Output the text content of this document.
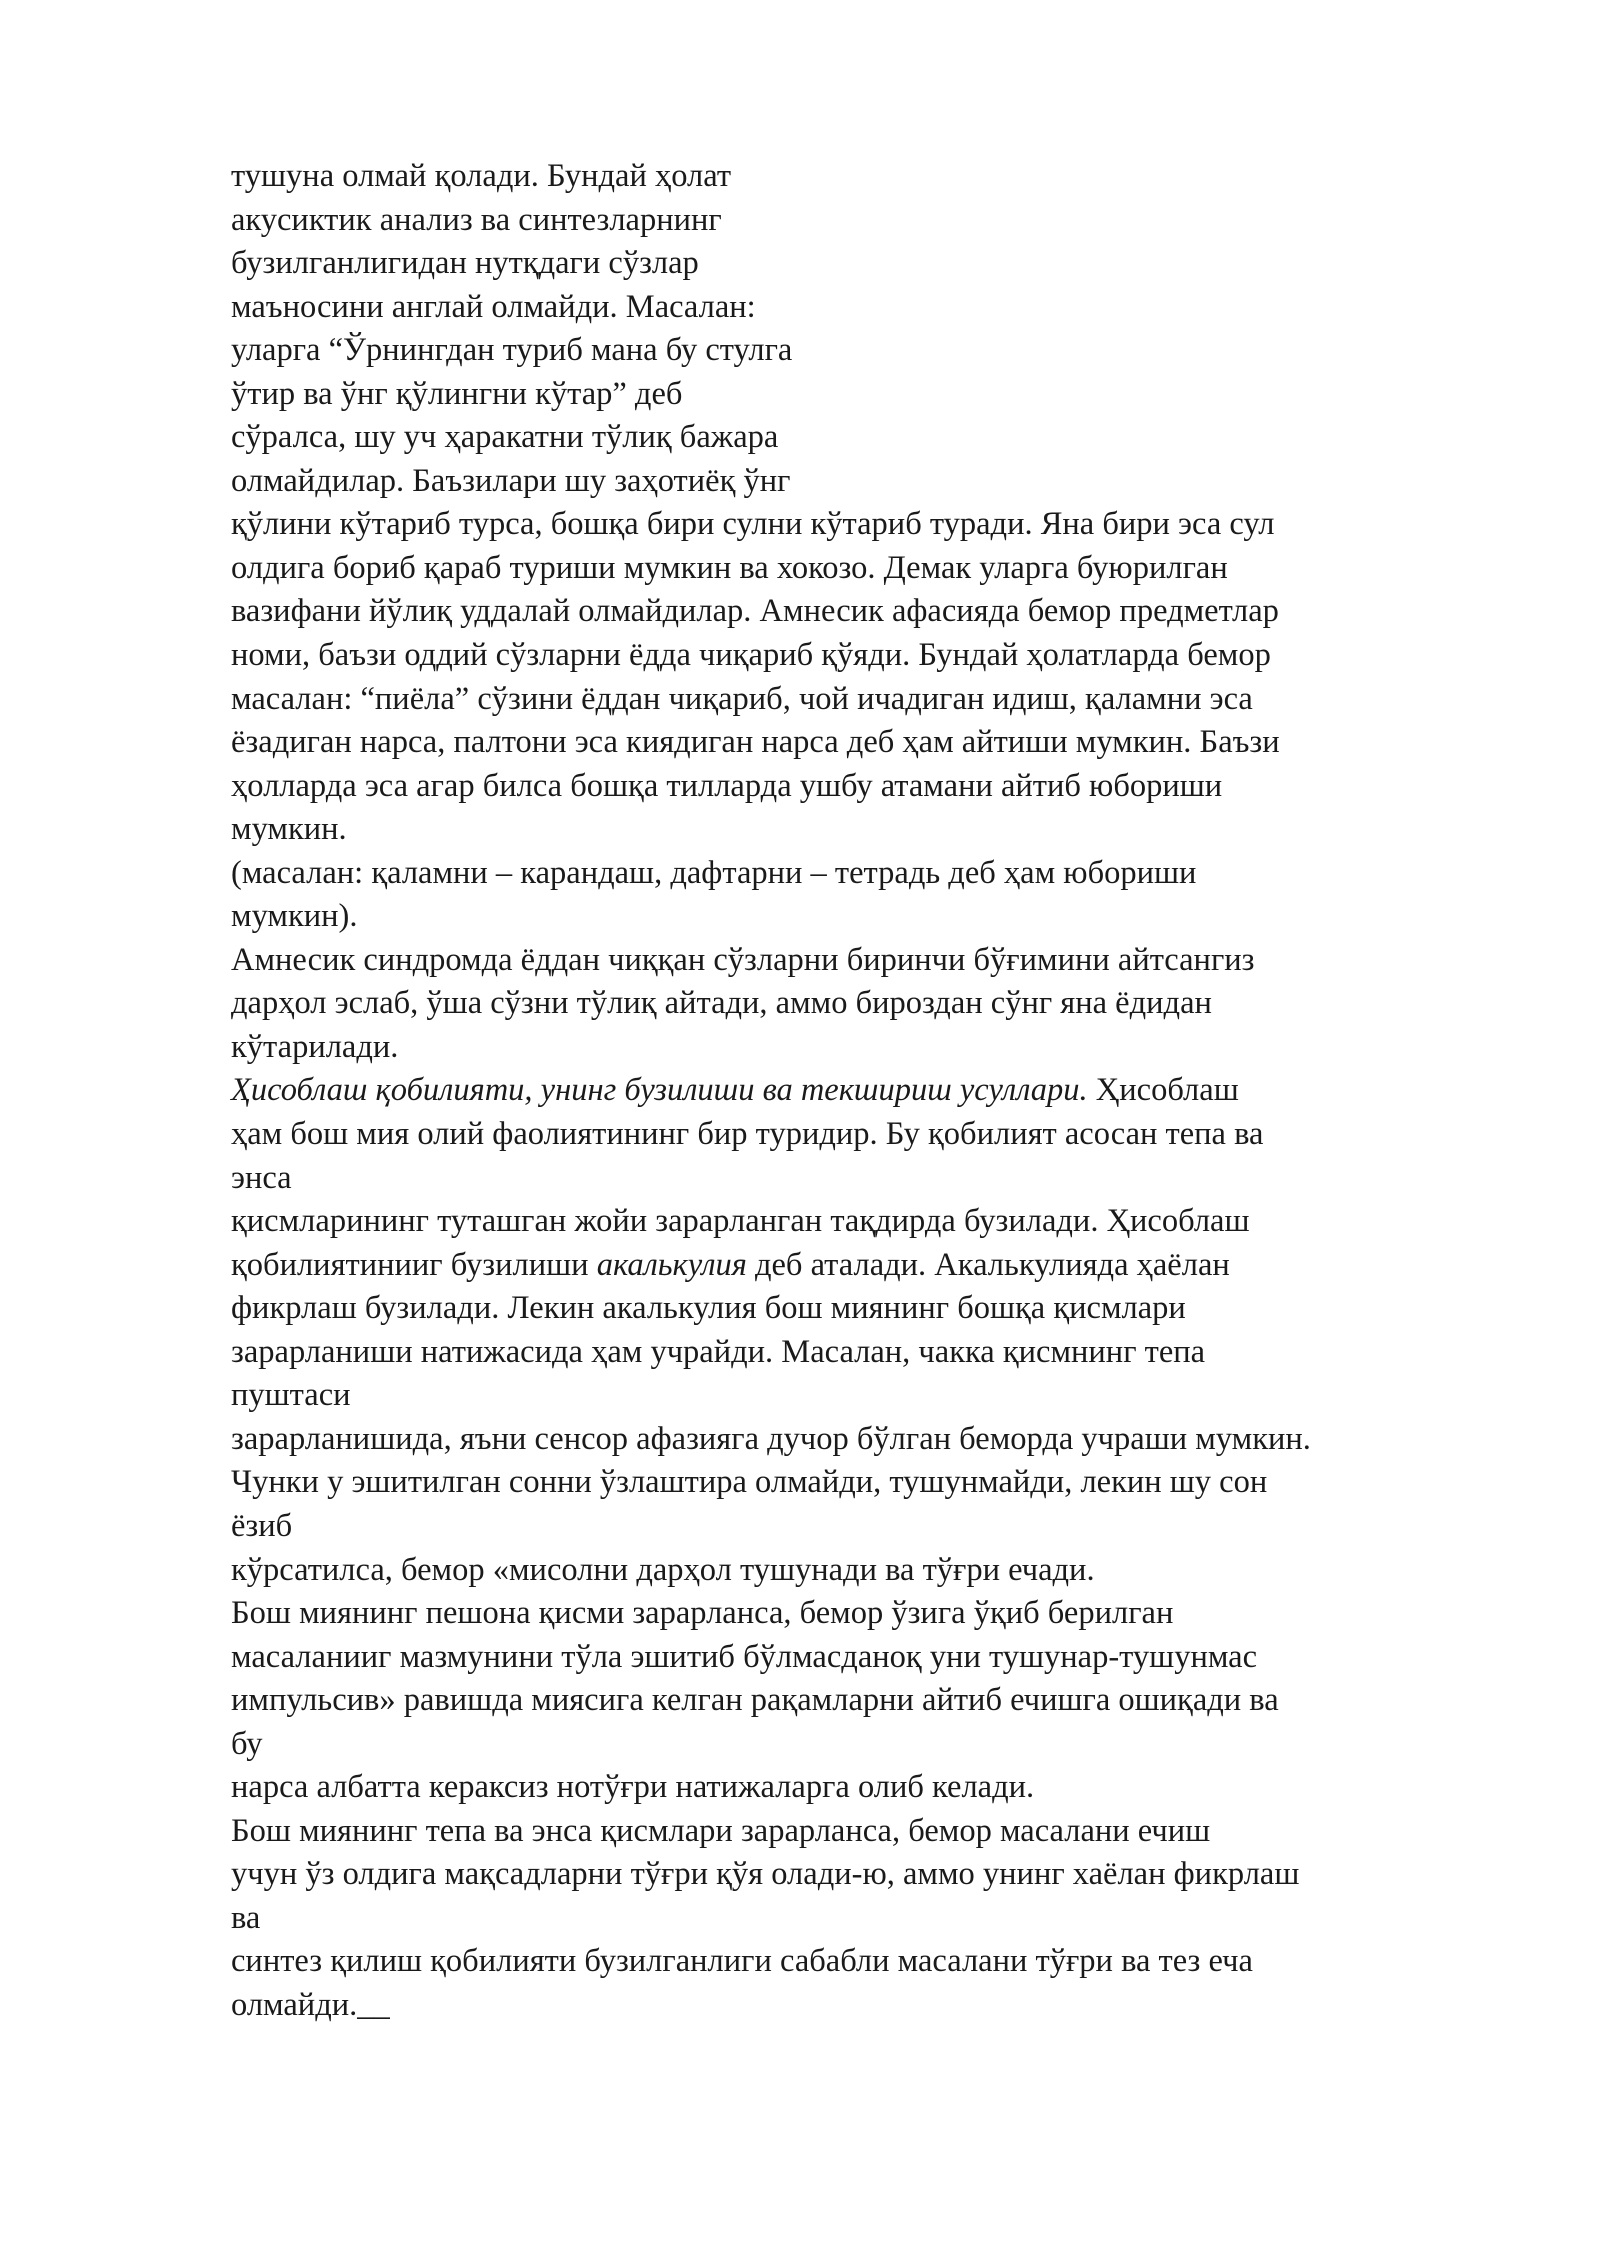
тушуна олмай қолади. Бундай ҳолат
акусиктик анализ ва синтезларнинг
бузилганлигидан нутқдаги сўзлар
маъносини англай олмайди. Масалан:
уларга “Ўрнингдан туриб мана бу стулга
ўтир ва ўнг қўлингни кўтар” деб
сўралса, шу уч ҳаракатни тўлиқ бажара
олмайдилар. Баъзилари шу заҳотиёқ ўнг
қўлини кўтариб турса, бошқа бири сулни кўтариб туради. Яна бири эса сул
олдига бориб қараб туриши мумкин ва хокозо. Демак уларга буюрилган
вазифани йўлиқ уддалай олмайдилар. Амнесик афасияда бемор предметлар
номи, баъзи оддий сўзларни ёдда чиқариб қўяди. Бундай ҳолатларда бемор
масалан: “пиёла” сўзини ёддан чиқариб, чой ичадиган идиш, қаламни эса
ёзадиган нарса, палтони эса киядиган нарса деб ҳам айтиши мумкин. Баъзи
ҳолларда эса агар билса бошқа тилларда ушбу атамани айтиб юбориши
мумкин.
(масалан: қаламни – карандаш, дафтарни – тетрадь деб ҳам юбориши
мумкин).
Амнесик синдромда ёддан чиққан сўзларни биринчи бўғимини айтсангиз
дарҳол эслаб, ўша сўзни тўлиқ айтади, аммо бироздан сўнг яна ёдидан
кўтарилади.
Ҳисоблаш қобилияти, унинг бузилиши ва текшириш усуллари. Ҳисоблаш
ҳам бош мия олий фаолиятининг бир туридир. Бу қобилият асосан тепа ва
энса
қисмларининг туташган жойи зарарланган тақдирда бузилади. Ҳисоблаш
қобилиятинииг бузилиши акалькулия деб аталади. Акалькулияда ҳаёлан
фикрлаш бузилади. Лекин акалькулия бош миянинг бошқа қисмлари
зарарланиши натижасида ҳам учрайди. Масалан, чакка қисмнинг тепа
пуштаси
зарарланишида, яъни сенсор афазияга дучор бўлган беморда учраши мумкин.
Чунки у эшитилган сонни ўзлаштира олмайди, тушунмайди, лекин шу сон
ёзиб
кўрсатилса, бемор «мисолни дарҳол тушунади ва тўғри ечади.
Бош миянинг пешона қисми зарарланса, бемор ўзига ўқиб берилган
масаланииг мазмунини тўла эшитиб бўлмасданоқ уни тушунар-тушунмас
импульсив» равишда миясига келган рақамларни айтиб ечишга ошиқади ва
бу
нарса албатта кераксиз нотўғри натижаларга олиб келади.
Бош миянинг тепа ва энса қисмлари зарарланса, бемор масалани ечиш
учун ўз олдига мақсадларни тўғри қўя олади-ю, аммо унинг хаёлан фикрлаш
ва
синтез қилиш қобилияти бузилганлиги сабабли масалани тўғри ва тез еча
олмайди.__
